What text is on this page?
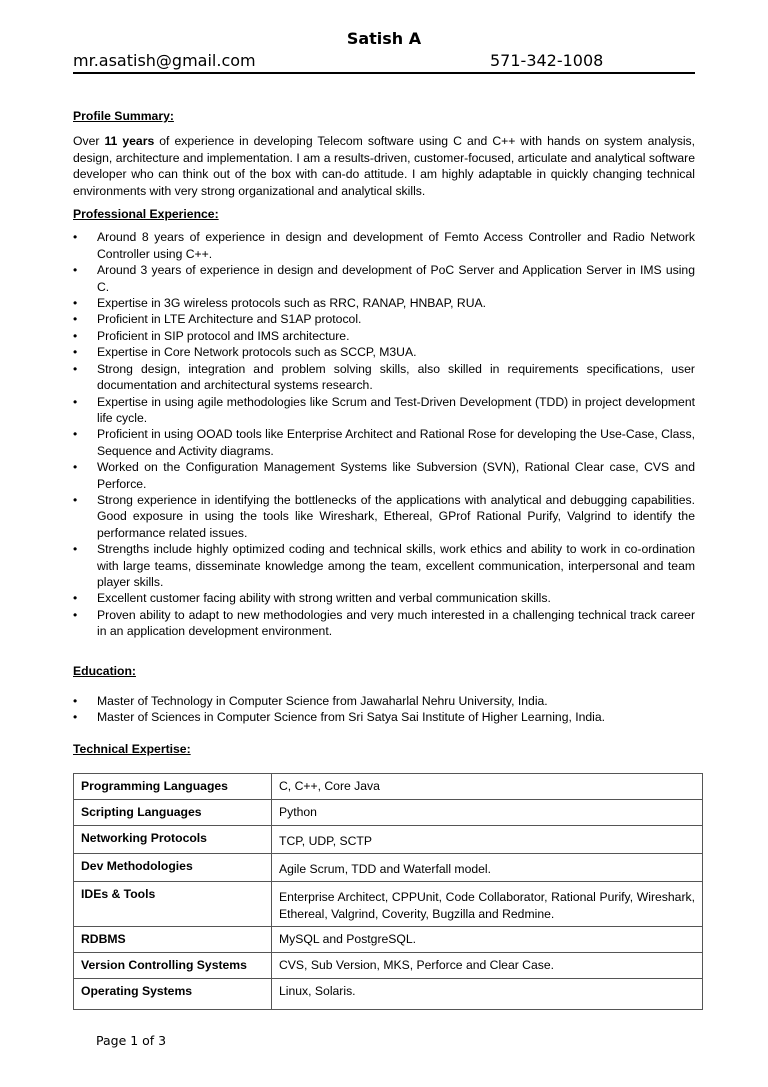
Satish A
mr.asatish@gmail.com	571-342-1008

Profile Summary:

Over 11 years of experience in developing Telecom software using C and C++ with hands on system analysis, design, architecture and implementation. I am a results-driven, customer-focused, articulate and analytical software developer who can think out of the box with can-do attitude. I am highly adaptable in quickly changing technical environments with very strong organizational and analytical skills.

Professional Experience:

• Around 8 years of experience in design and development of Femto Access Controller and Radio Network Controller using C++.
• Around 3 years of experience in design and development of PoC Server and Application Server in IMS using C.
• Expertise in 3G wireless protocols such as RRC, RANAP, HNBAP, RUA.
• Proficient in LTE Architecture and S1AP protocol.
• Proficient in SIP protocol and IMS architecture.
• Expertise in Core Network protocols such as SCCP, M3UA.
• Strong design, integration and problem solving skills, also skilled in requirements specifications, user documentation and architectural systems research.
• Expertise in using agile methodologies like Scrum and Test-Driven Development (TDD) in project development life cycle.
• Proficient in using OOAD tools like Enterprise Architect and Rational Rose for developing the Use-Case, Class, Sequence and Activity diagrams.
• Worked on the Configuration Management Systems like Subversion (SVN), Rational Clear case, CVS and Perforce.
• Strong experience in identifying the bottlenecks of the applications with analytical and debugging capabilities. Good exposure in using the tools like Wireshark, Ethereal, GProf Rational Purify, Valgrind to identify the performance related issues.
• Strengths include highly optimized coding and technical skills, work ethics and ability to work in co-ordination with large teams, disseminate knowledge among the team, excellent communication, interpersonal and team player skills.
• Excellent customer facing ability with strong written and verbal communication skills.
• Proven ability to adapt to new methodologies and very much interested in a challenging technical track career in an application development environment.

Education:

• Master of Technology in Computer Science from Jawaharlal Nehru University, India.
• Master of Sciences in Computer Science from Sri Satya Sai Institute of Higher Learning, India.

Technical Expertise:

Programming Languages	C, C++, Core Java
Scripting Languages	Python
Networking Protocols	TCP, UDP, SCTP
Dev Methodologies	Agile Scrum, TDD and Waterfall model.
IDEs & Tools	Enterprise Architect, CPPUnit, Code Collaborator, Rational Purify, Wireshark, Ethereal, Valgrind, Coverity, Bugzilla and Redmine.
RDBMS	MySQL and PostgreSQL.
Version Controlling Systems	CVS, Sub Version, MKS, Perforce and Clear Case.
Operating Systems	Linux, Solaris.
Page 1 of 3
